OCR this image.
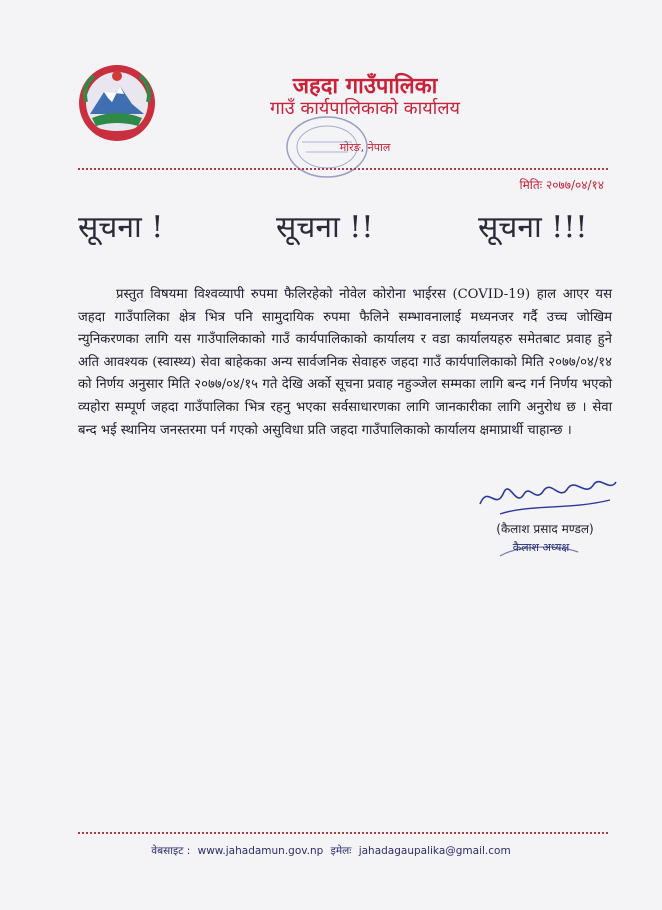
जहदा गाउँपालिका
गाउँ कार्यपालिकाको कार्यालय
मोरङ, नेपाल
मितिः २०७७/०४/१४
सूचना !	सूचना !!	सूचना !!!
प्रस्तुत विषयमा विश्वव्यापी रुपमा फैलिरहेको नोवेल कोरोना भाईरस (COVID-19) हाल आएर यस जहदा गाउँपालिका क्षेत्र भित्र पनि सामुदायिक रुपमा फैलिने सम्भावनालाई मध्यनजर गर्दै उच्च जोखिम न्युनिकरणका लागि यस गाउँपालिकाको गाउँ कार्यपालिकाको कार्यालय र वडा कार्यालयहरु समेतबाट प्रवाह हुने अति आवश्यक (स्वास्थ्य) सेवा बाहेकका अन्य सार्वजनिक सेवाहरु जहदा गाउँ कार्यपालिकाको मिति २०७७/०४/१४ को निर्णय अनुसार मिति २०७७/०४/१५ गते देखि अर्को सूचना प्रवाह नहुञ्जेल सम्मका लागि बन्द गर्न निर्णय भएको व्यहोरा सम्पूर्ण जहदा गाउँपालिका भित्र रहनु भएका सर्वसाधारणका लागि जानकारीका लागि अनुरोध छ । सेवा बन्द भई स्थानिय जनस्तरमा पर्न गएको असुविधा प्रति जहदा गाउँपालिकाको कार्यालय क्षमाप्रार्थी चाहान्छ ।
(कैलाश प्रसाद मण्डल)
कैलाश अध्यक्ष
वेबसाइट : www.jahadamun.gov.np इमेलः jahadagaupalika@gmail.com
